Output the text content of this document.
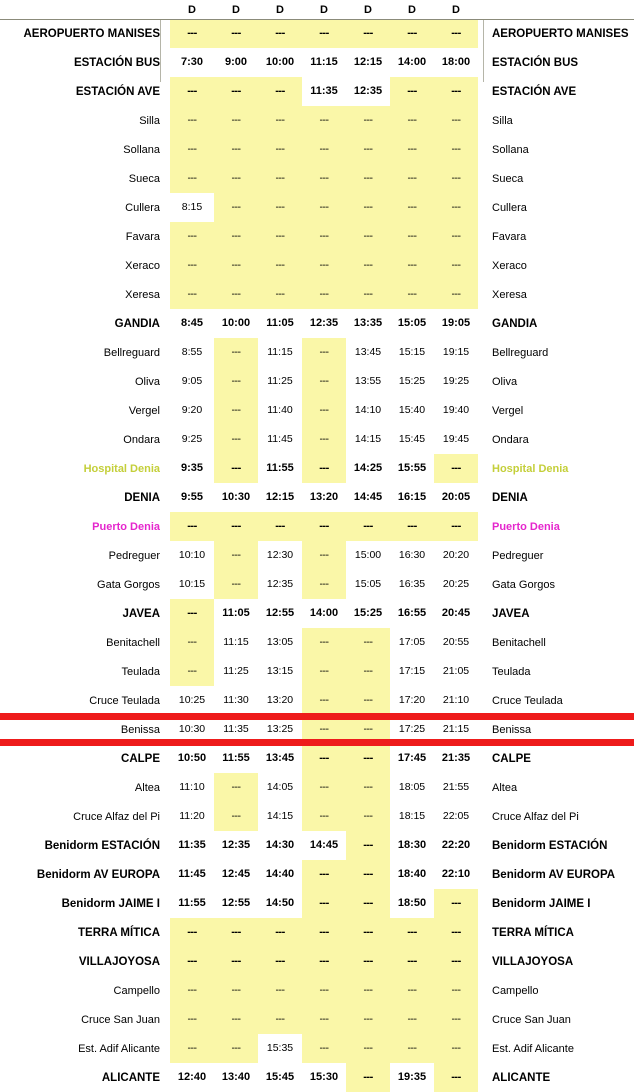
		D	D	D	D	D	D	D		
AEROPUERTO MANISES		---	---	---	---	---	---	---		AEROPUERTO MANISES
ESTACIÓN BUS		7:30	9:00	10:00	11:15	12:15	14:00	18:00		ESTACIÓN BUS
ESTACIÓN AVE		---	---	---	11:35	12:35	---	---		ESTACIÓN AVE
Silla		---	---	---	---	---	---	---		Silla
Sollana		---	---	---	---	---	---	---		Sollana
Sueca		---	---	---	---	---	---	---		Sueca
Cullera		8:15	---	---	---	---	---	---		Cullera
Favara		---	---	---	---	---	---	---		Favara
Xeraco		---	---	---	---	---	---	---		Xeraco
Xeresa		---	---	---	---	---	---	---		Xeresa
GANDIA		8:45	10:00	11:05	12:35	13:35	15:05	19:05		GANDIA
Bellreguard		8:55	---	11:15	---	13:45	15:15	19:15		Bellreguard
Oliva		9:05	---	11:25	---	13:55	15:25	19:25		Oliva
Vergel		9:20	---	11:40	---	14:10	15:40	19:40		Vergel
Ondara		9:25	---	11:45	---	14:15	15:45	19:45		Ondara
Hospital Denia		9:35	---	11:55	---	14:25	15:55	---		Hospital Denia
DENIA		9:55	10:30	12:15	13:20	14:45	16:15	20:05		DENIA
Puerto Denia		---	---	---	---	---	---	---		Puerto Denia
Pedreguer		10:10	---	12:30	---	15:00	16:30	20:20		Pedreguer
Gata Gorgos		10:15	---	12:35	---	15:05	16:35	20:25		Gata Gorgos
JAVEA		---	11:05	12:55	14:00	15:25	16:55	20:45		JAVEA
Benitachell		---	11:15	13:05	---	---	17:05	20:55		Benitachell
Teulada		---	11:25	13:15	---	---	17:15	21:05		Teulada
Cruce Teulada		10:25	11:30	13:20	---	---	17:20	21:10		Cruce Teulada
Benissa		10:30	11:35	13:25	---	---	17:25	21:15		Benissa
CALPE		10:50	11:55	13:45	---	---	17:45	21:35		CALPE
Altea		11:10	---	14:05	---	---	18:05	21:55		Altea
Cruce Alfaz del Pi		11:20	---	14:15	---	---	18:15	22:05		Cruce Alfaz del Pi
Benidorm ESTACIÓN		11:35	12:35	14:30	14:45	---	18:30	22:20		Benidorm ESTACIÓN
Benidorm AV EUROPA		11:45	12:45	14:40	---	---	18:40	22:10		Benidorm AV EUROPA
Benidorm JAIME I		11:55	12:55	14:50	---	---	18:50	---		Benidorm JAIME I
TERRA MÍTICA		---	---	---	---	---	---	---		TERRA MÍTICA
VILLAJOYOSA		---	---	---	---	---	---	---		VILLAJOYOSA
Campello		---	---	---	---	---	---	---		Campello
Cruce San Juan		---	---	---	---	---	---	---		Cruce San Juan
Est. Adif Alicante		---	---	15:35	---	---	---	---		Est. Adif Alicante
ALICANTE		12:40	13:40	15:45	15:30	---	19:35	---		ALICANTE
